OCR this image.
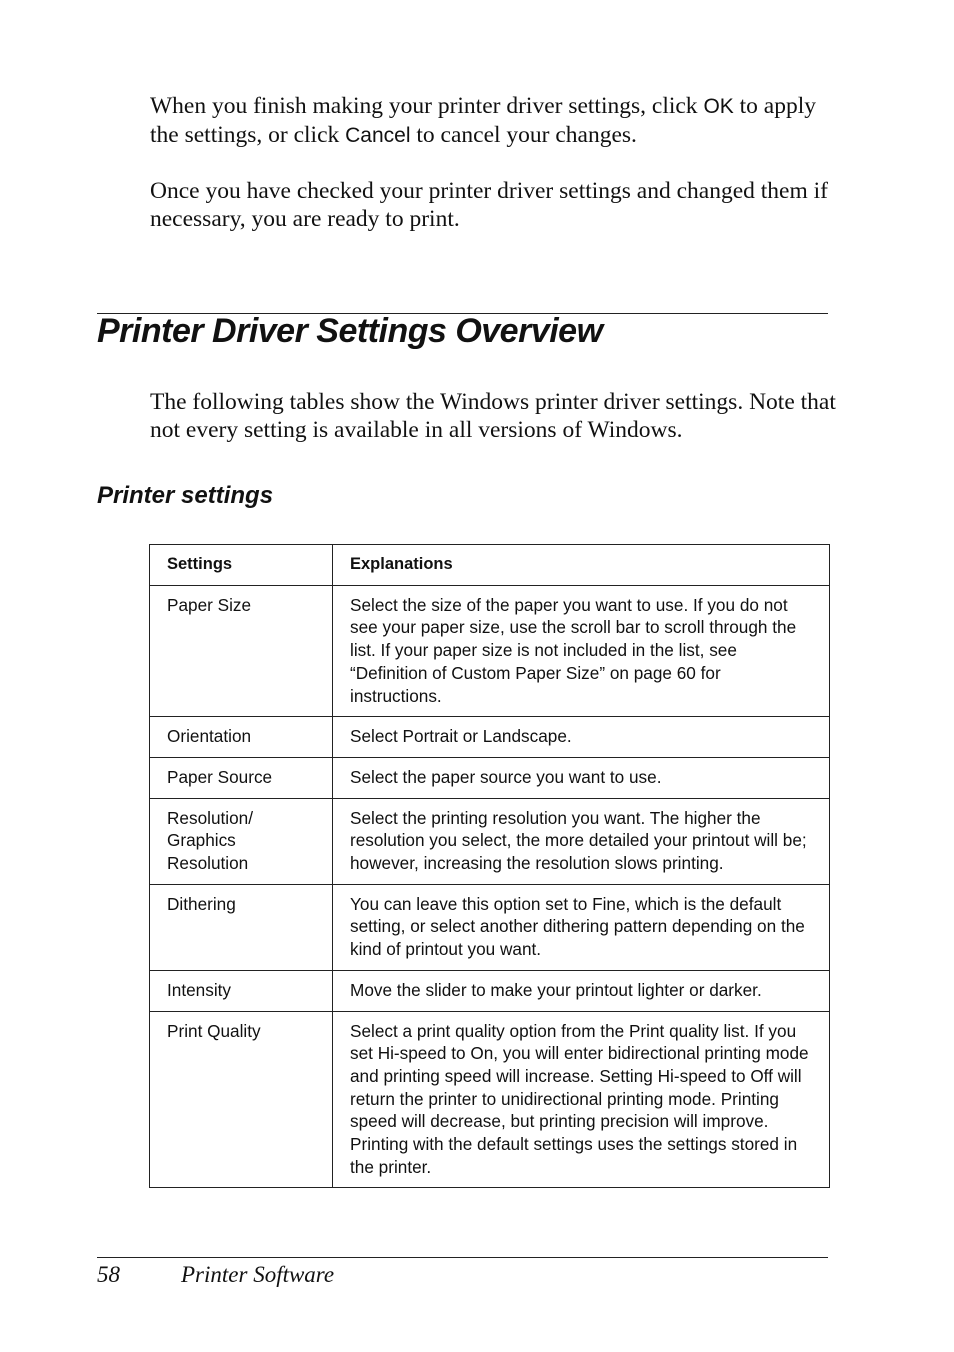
When you finish making your printer driver settings, click OK to apply the settings, or click Cancel to cancel your changes.

Once you have checked your printer driver settings and changed them if necessary, you are ready to print.

Printer Driver Settings Overview

The following tables show the Windows printer driver settings. Note that not every setting is available in all versions of Windows.

Printer settings
Settings	Explanations
Paper Size	Select the size of the paper you want to use. If you do not see your paper size, use the scroll bar to scroll through the list. If your paper size is not included in the list, see “Definition of Custom Paper Size” on page 60 for instructions.
Orientation	Select Portrait or Landscape.
Paper Source	Select the paper source you want to use.
Resolution/ Graphics Resolution	Select the printing resolution you want. The higher the resolution you select, the more detailed your printout will be; however, increasing the resolution slows printing.
Dithering	You can leave this option set to Fine, which is the default setting, or select another dithering pattern depending on the kind of printout you want.
Intensity	Move the slider to make your printout lighter or darker.
Print Quality	Select a print quality option from the Print quality list. If you set Hi-speed to On, you will enter bidirectional printing mode and printing speed will increase. Setting Hi-speed to Off will return the printer to unidirectional printing mode. Printing speed will decrease, but printing precision will improve. Printing with the default settings uses the settings stored in the printer.
58	Printer Software
